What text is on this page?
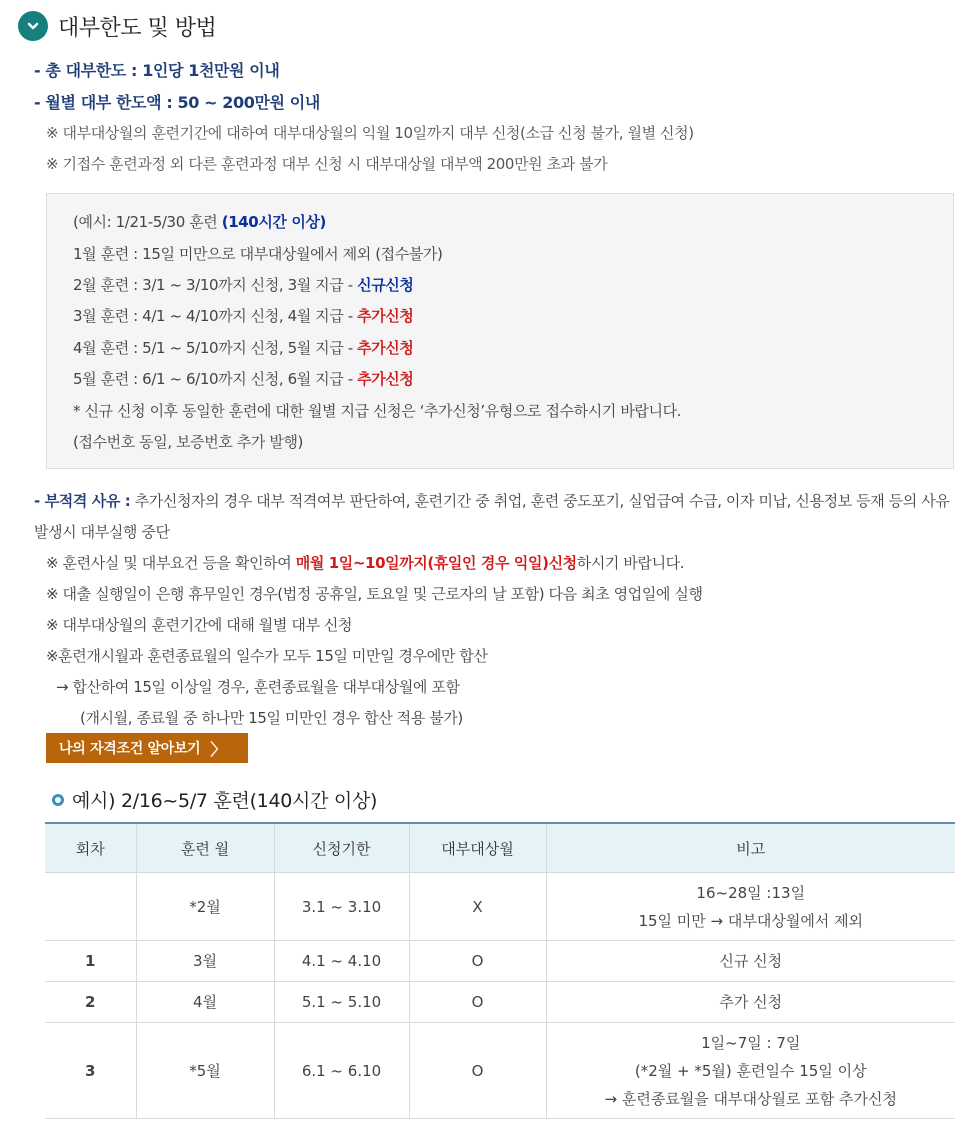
대부한도 및 방법
- 총 대부한도 : 1인당 1천만원 이내
- 월별 대부 한도액 : 50 ~ 200만원 이내
※ 대부대상월의 훈련기간에 대하여 대부대상월의 익월 10일까지 대부 신청(소급 신청 불가, 월별 신청)
※ 기접수 훈련과정 외 다른 훈련과정 대부 신청 시 대부대상월 대부액 200만원 초과 불가
(예시: 1/21-5/30 훈련 (140시간 이상)
1월 훈련 : 15일 미만으로 대부대상월에서 제외 (접수불가)
2월 훈련 : 3/1 ~ 3/10까지 신청, 3월 지급 - 신규신청
3월 훈련 : 4/1 ~ 4/10까지 신청, 4월 지급 - 추가신청
4월 훈련 : 5/1 ~ 5/10까지 신청, 5월 지급 - 추가신청
5월 훈련 : 6/1 ~ 6/10까지 신청, 6월 지급 - 추가신청
* 신규 신청 이후 동일한 훈련에 대한 월별 지급 신청은 ‘추가신청’유형으로 접수하시기 바랍니다.
(접수번호 동일, 보증번호 추가 발행)
- 부적격 사유 : 추가신청자의 경우 대부 적격여부 판단하여, 훈련기간 중 취업, 훈련 중도포기, 실업급여 수급, 이자 미납, 신용정보 등재 등의 사유 발생시 대부실행 중단
※ 훈련사실 및 대부요건 등을 확인하여 매월 1일~10일까지(휴일인 경우 익일)신청하시기 바랍니다.
※ 대출 실행일이 은행 휴무일인 경우(법정 공휴일, 토요일 및 근로자의 날 포함) 다음 최초 영업일에 실행
※ 대부대상월의 훈련기간에 대해 월별 대부 신청
※훈련개시월과 훈련종료월의 일수가 모두 15일 미만일 경우에만 합산
→ 합산하여 15일 이상일 경우, 훈련종료월을 대부대상월에 포함
(개시월, 종료월 중 하나만 15일 미만인 경우 합산 적용 불가)
나의 자격조건 알아보기 〉
예시) 2/16~5/7 훈련(140시간 이상)
회차	훈련 월	신청기한	대부대상월	비고
	*2월	3.1 ~ 3.10	X	16~28일 :13일
15일 미만 → 대부대상월에서 제외

1	3월	4.1 ~ 4.10	O	신규 신청

2	4월	5.1 ~ 5.10	O	추가 신청

3	*5월	6.1 ~ 6.10	O	1일~7일 : 7일
(*2월 + *5월) 훈련일수 15일 이상
→ 훈련종료월을 대부대상월로 포함 추가신청
